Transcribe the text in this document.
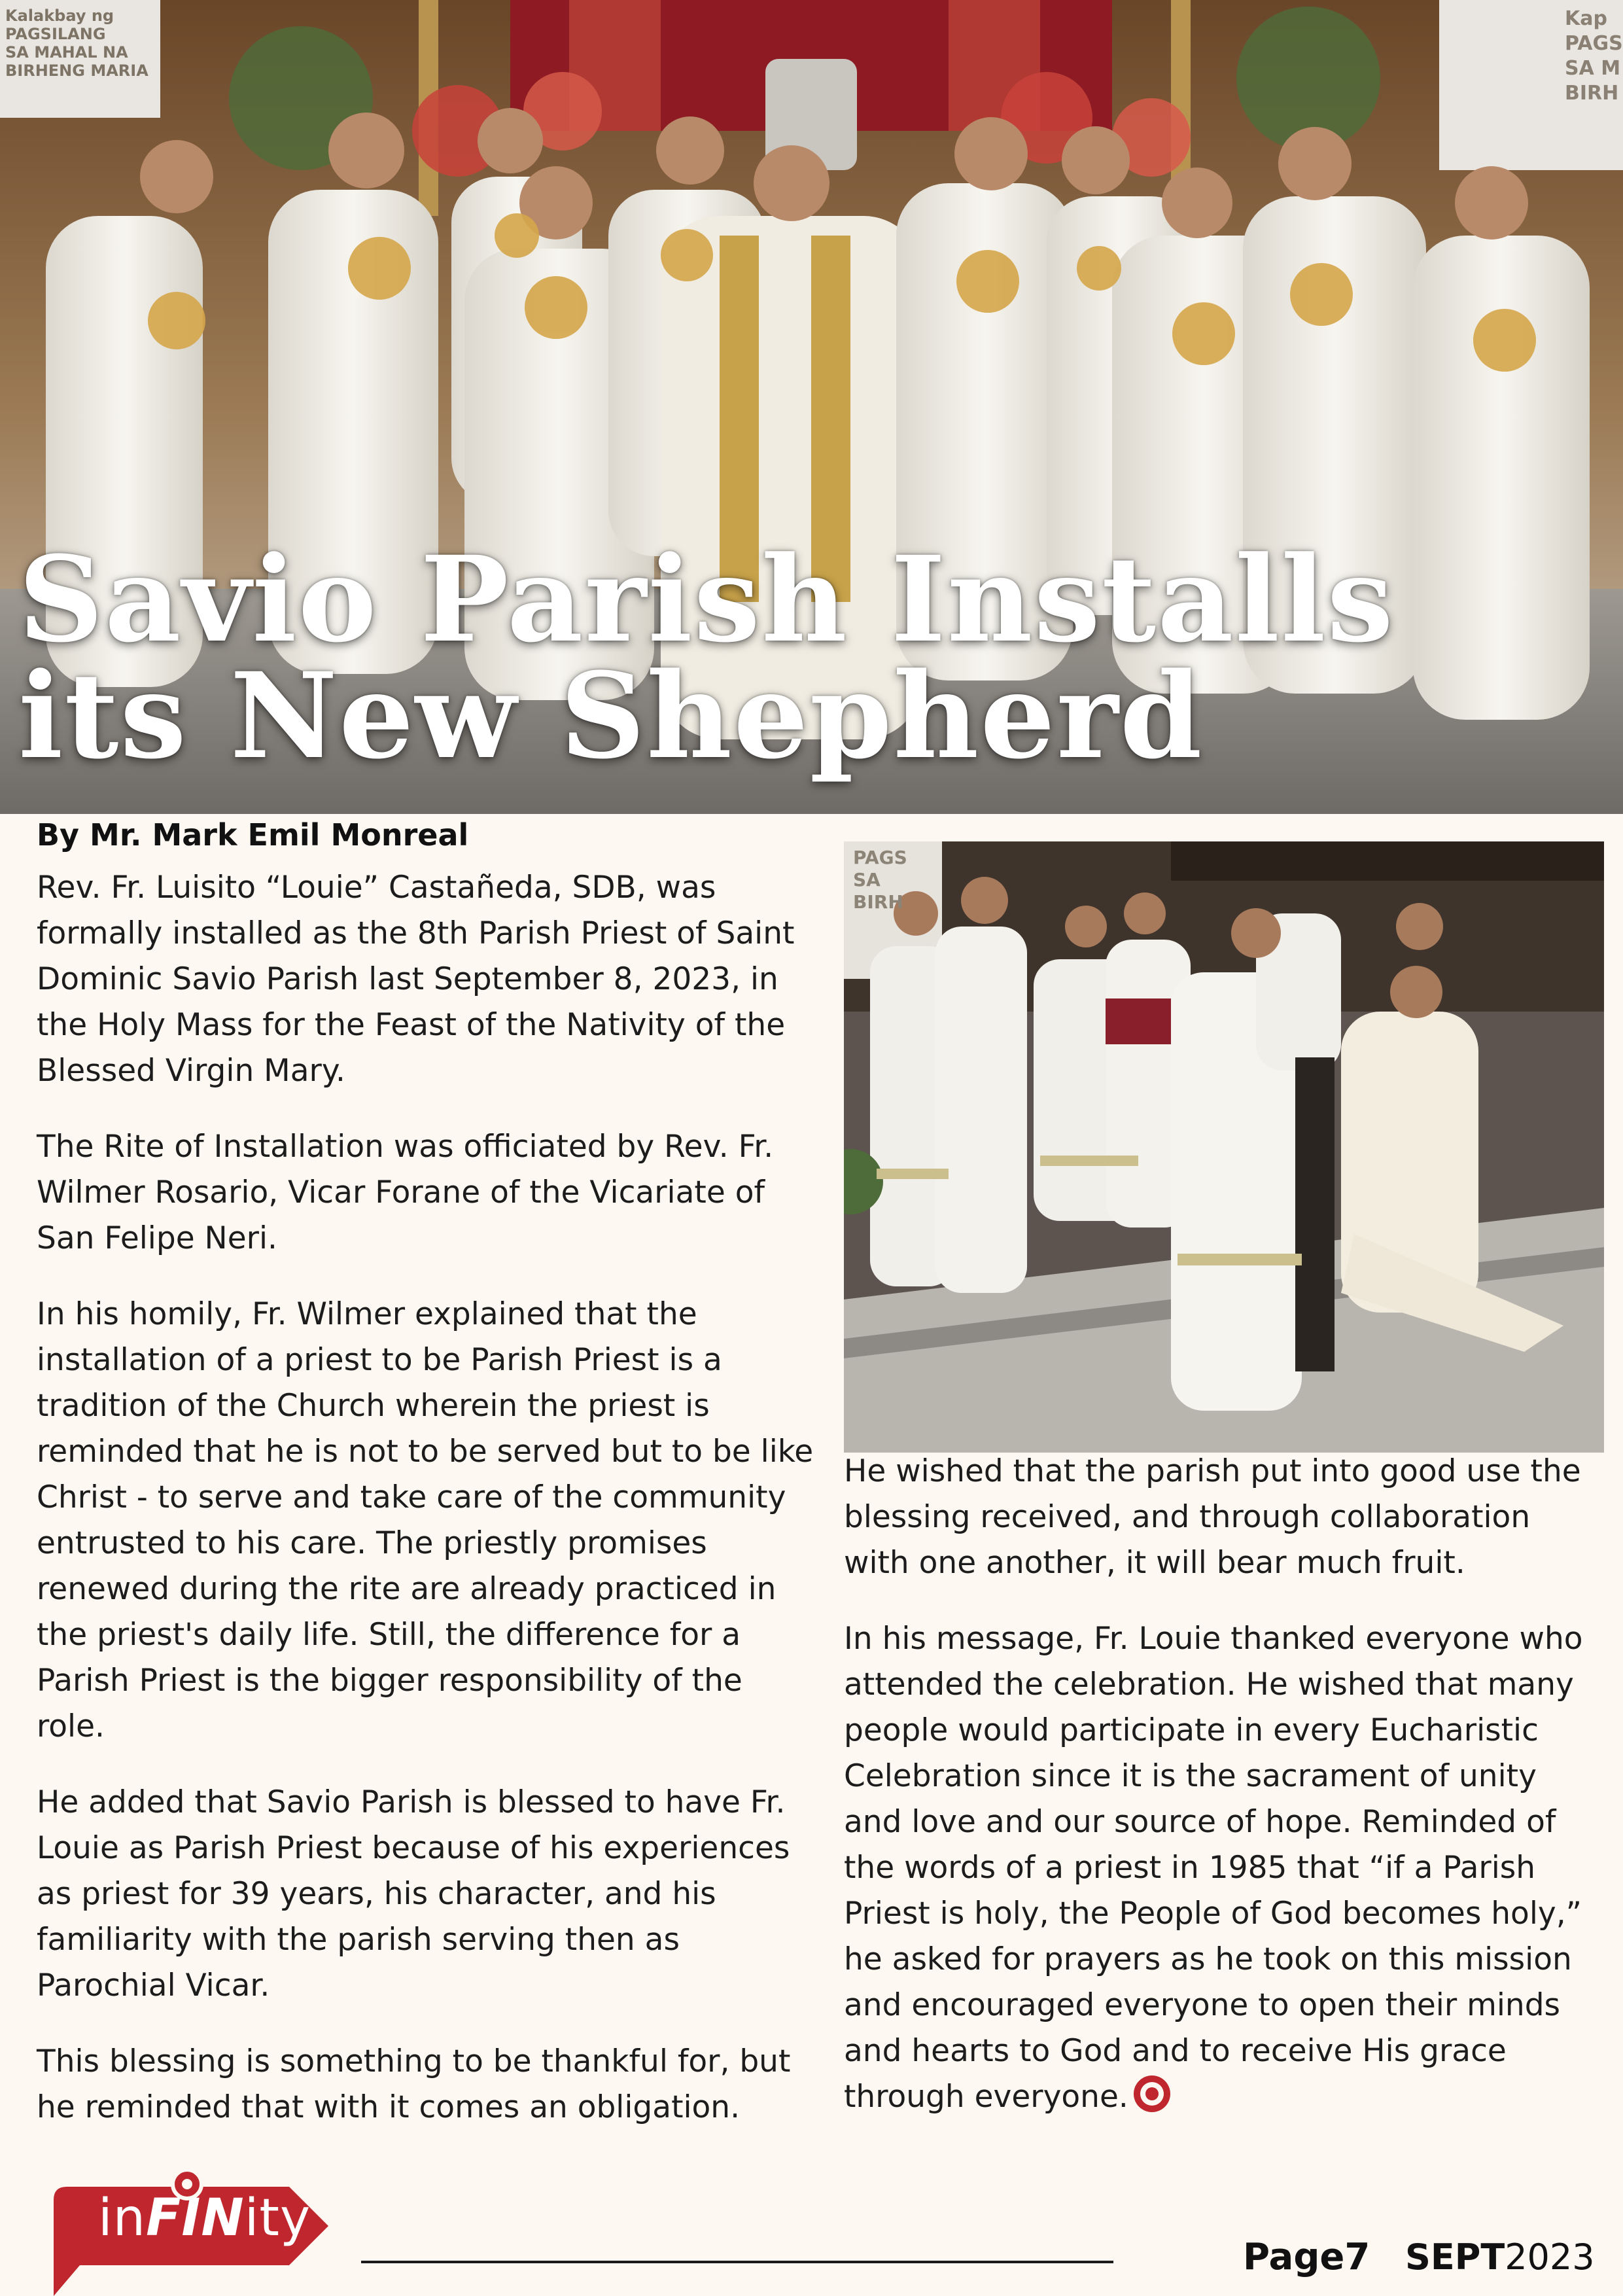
Kalakbay ng
PAGSILANG
SA MAHAL NA
BIRHENG MARIA
Kap
PAGS
SA M
BIRH
Savio Parish Installs
its New Shepherd
By Mr. Mark Emil Monreal

Rev. Fr. Luisito “Louie” Castañeda, SDB, was formally installed as the 8th Parish Priest of Saint Dominic Savio Parish last September 8, 2023, in the Holy Mass for the Feast of the Nativity of the Blessed Virgin Mary.

The Rite of Installation was officiated by Rev. Fr. Wilmer Rosario, Vicar Forane of the Vicariate of San Felipe Neri.

In his homily, Fr. Wilmer explained that the installation of a priest to be Parish Priest is a tradition of the Church wherein the priest is reminded that he is not to be served but to be like Christ - to serve and take care of the community entrusted to his care. The priestly promises renewed during the rite are already practiced in the priest's daily life. Still, the difference for a Parish Priest is the bigger responsibility of the role.

He added that Savio Parish is blessed to have Fr. Louie as Parish Priest because of his experiences as priest for 39 years, his character, and his familiarity with the parish serving then as Parochial Vicar.

This blessing is something to be thankful for, but he reminded that with it comes an obligation.

PAGS
SA
BIRH

He wished that the parish put into good use the blessing received, and through collaboration with one another, it will bear much fruit.

In his message, Fr. Louie thanked everyone who attended the celebration. He wished that many people would participate in every Eucharistic Celebration since it is the sacrament of unity and love and our source of hope. Reminded of the words of a priest in 1985 that “if a Parish Priest is holy, the People of God becomes holy,” he asked for prayers as he took on this mission and encouraged everyone to open their minds and hearts to God and to receive His grace through everyone.

inFINity
Page7 SEPT2023
